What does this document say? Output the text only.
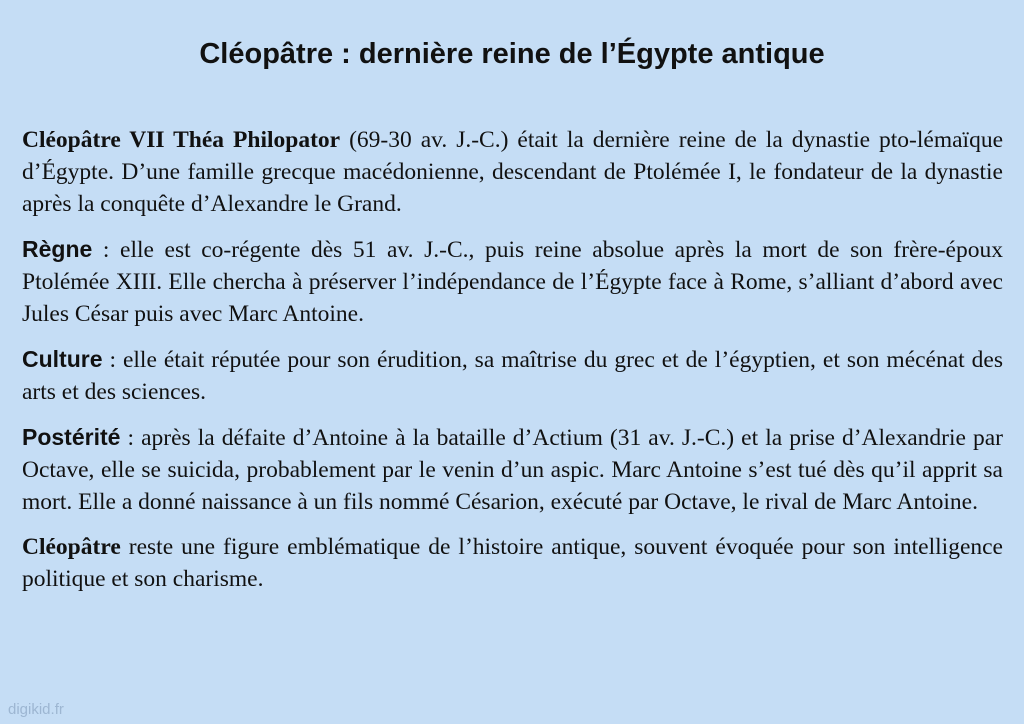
Cléopâtre : dernière reine de l’Égypte antique

Cléopâtre VII Théa Philopator (69-30 av. J.-C.) était la dernière reine de la dynastie pto-lémaïque d’Égypte. D’une famille grecque macédonienne, descendant de Ptolémée I, le fondateur de la dynastie après la conquête d’Alexandre le Grand.

Règne : elle est co-régente dès 51 av. J.-C., puis reine absolue après la mort de son frère-époux Ptolémée XIII. Elle chercha à préserver l’indépendance de l’Égypte face à Rome, s’alliant d’abord avec Jules César puis avec Marc Antoine.

Culture : elle était réputée pour son érudition, sa maîtrise du grec et de l’égyptien, et son mécénat des arts et des sciences.

Postérité : après la défaite d’Antoine à la bataille d’Actium (31 av. J.-C.) et la prise d’Alexandrie par Octave, elle se suicida, probablement par le venin d’un aspic. Marc Antoine s’est tué dès qu’il apprit sa mort. Elle a donné naissance à un fils nommé Césarion, exécuté par Octave, le rival de Marc Antoine.

Cléopâtre reste une figure emblématique de l’histoire antique, souvent évoquée pour son intelligence politique et son charisme.

digikid.fr
